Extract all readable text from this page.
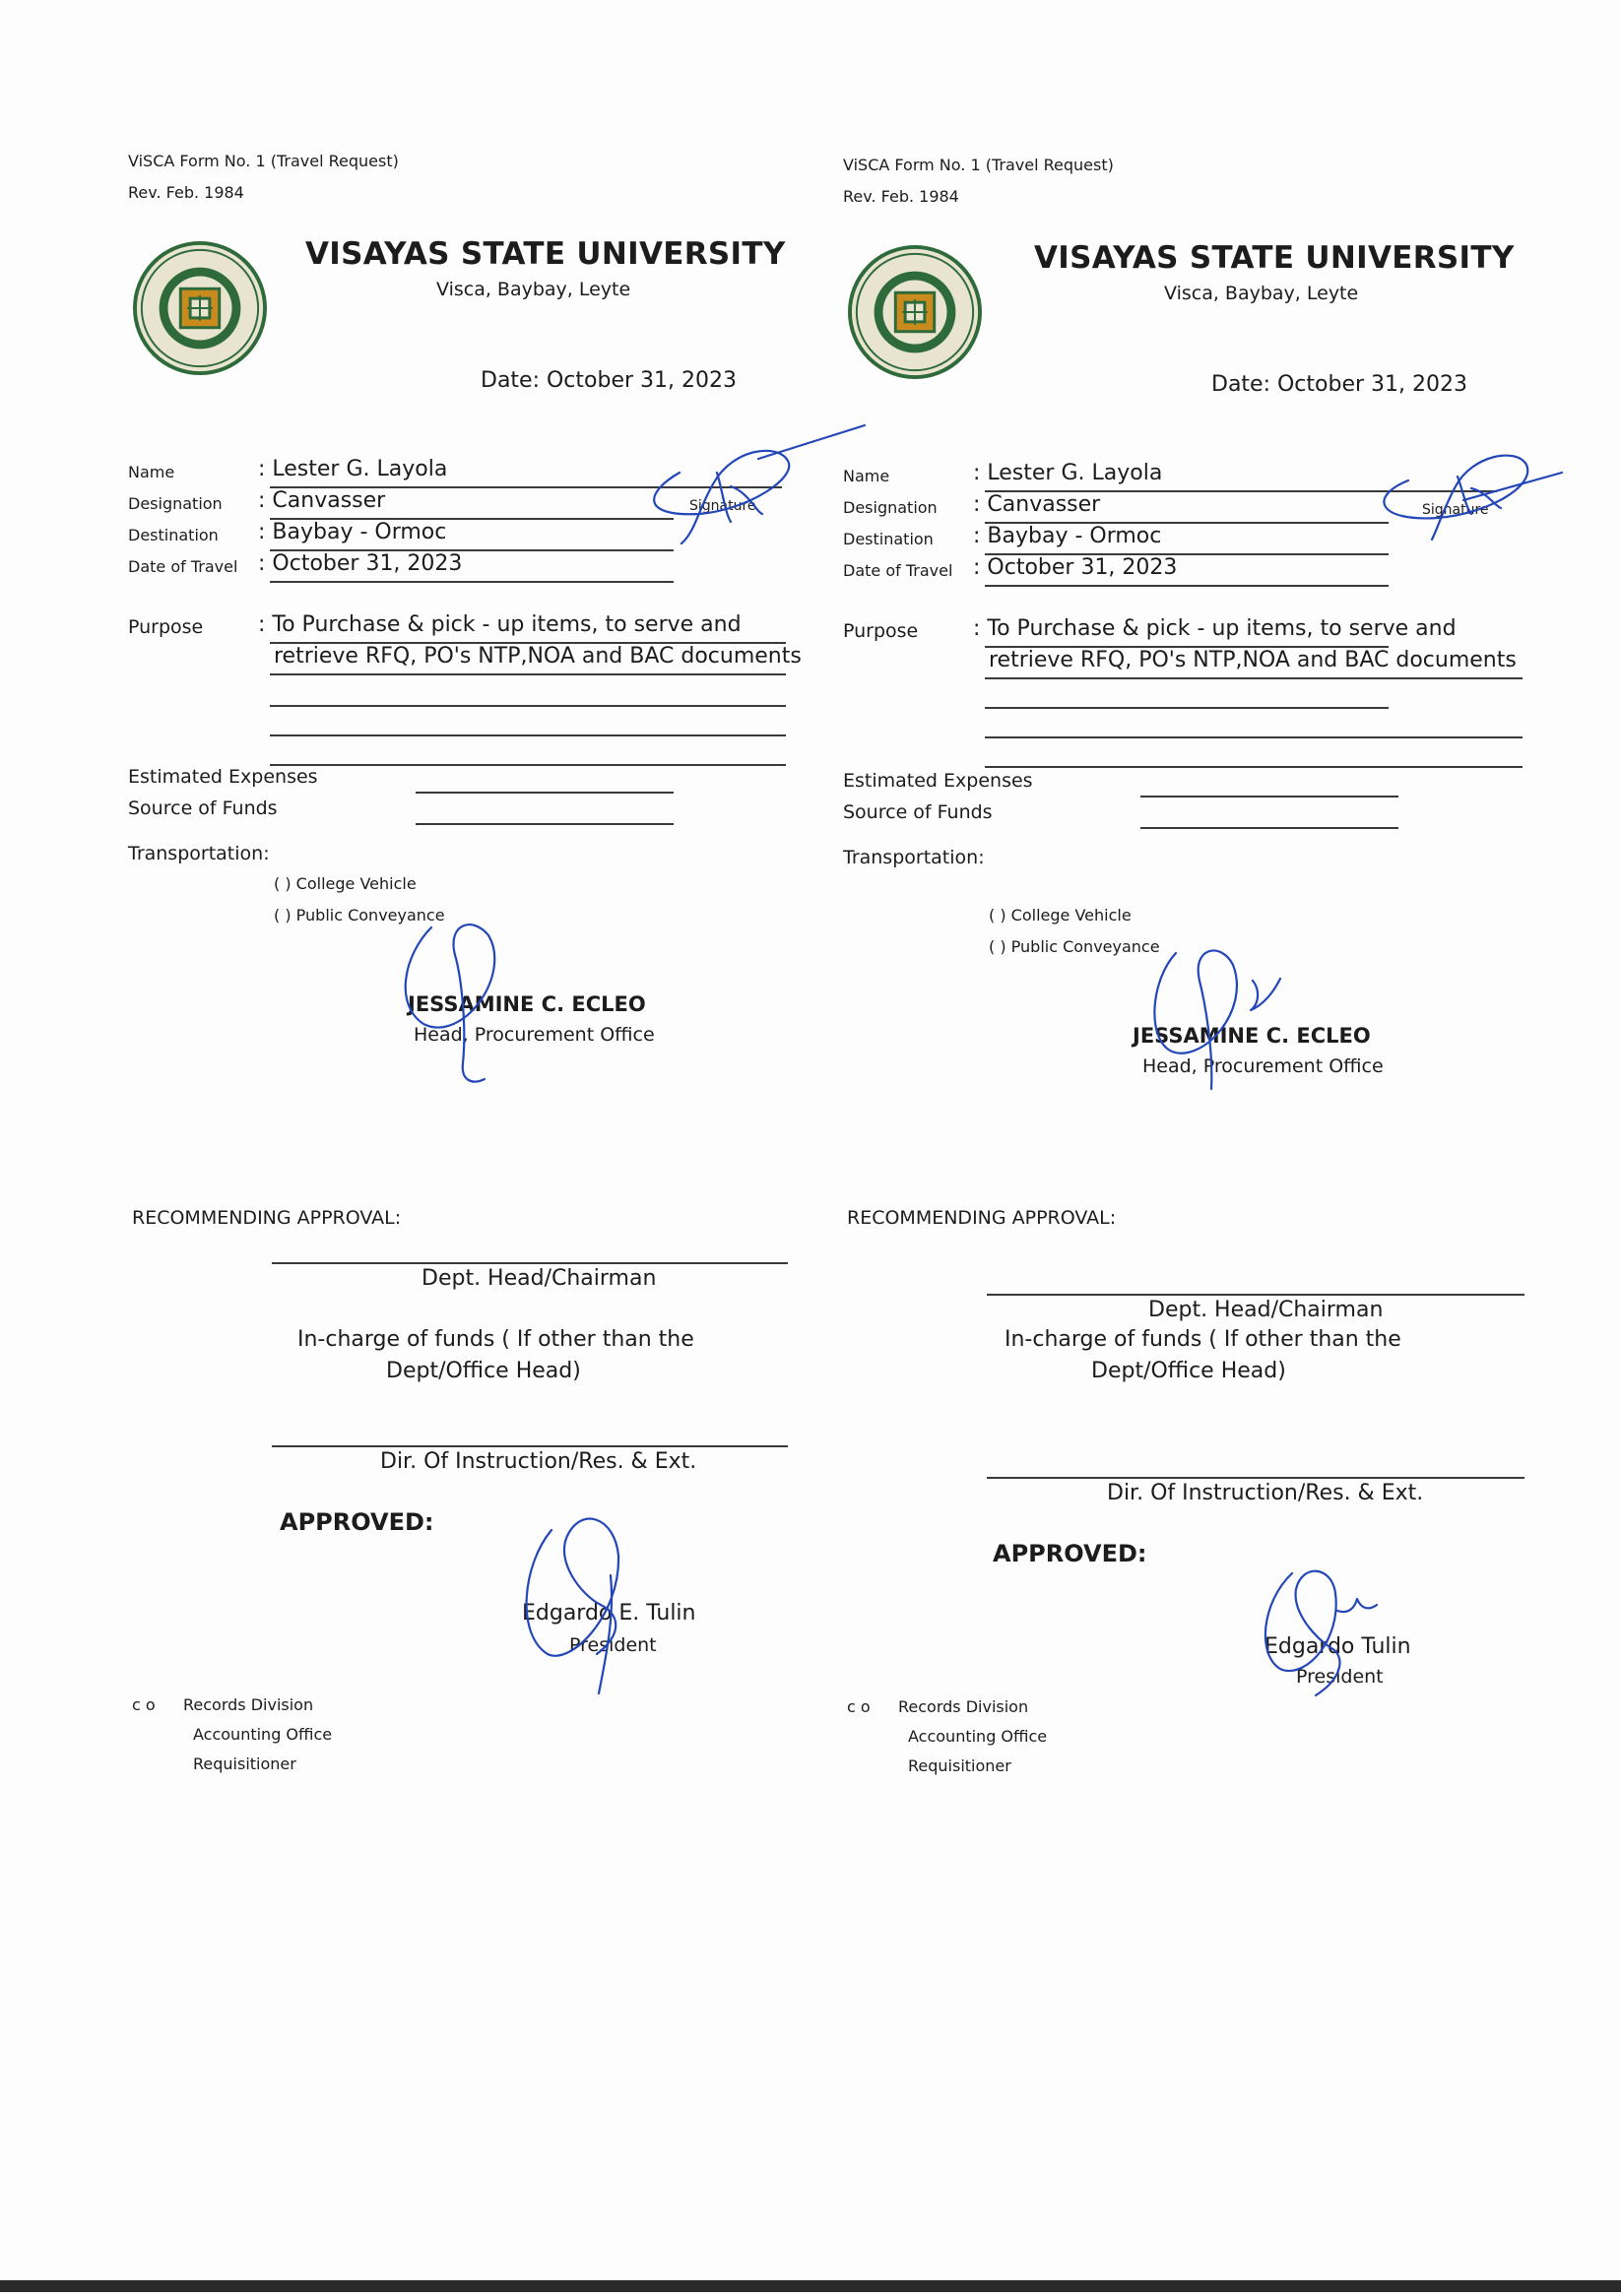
ViSCA Form No. 1 (Travel Request)
Rev. Feb. 1984
VISAYAS STATE UNIVERSITY
Visca, Baybay, Leyte
Date: October 31, 2023
Name	: Lester G. Layola
Designation : Canvasser	Signature
Destination : Baybay - Ormoc
Date of Travel : October 31, 2023
Purpose	: To Purchase & pick - up items, to serve and
retrieve RFQ, PO's NTP,NOA and BAC documents
Estimated Expenses
Source of Funds
Transportation:
( ) College Vehicle
( ) Public Conveyance
JESSAMINE C. ECLEO
Head, Procurement Office
RECOMMENDING APPROVAL:
Dept. Head/Chairman
In-charge of funds ( If other than the
Dept/Office Head)
Dir. Of Instruction/Res. & Ext.
APPROVED:
Edgardo E. Tulin
President
c o Records Division
Accounting Office
Requisitioner
ViSCA Form No. 1 (Travel Request)
Rev. Feb. 1984
VISAYAS STATE UNIVERSITY
Visca, Baybay, Leyte
Date: October 31, 2023
Name	: Lester G. Layola
Designation : Canvasser	Signature
Destination : Baybay - Ormoc
Date of Travel : October 31, 2023
Purpose	: To Purchase & pick - up items, to serve and
retrieve RFQ, PO's NTP,NOA and BAC documents
Estimated Expenses
Source of Funds
Transportation:
( ) College Vehicle
( ) Public Conveyance
JESSAMINE C. ECLEO
Head, Procurement Office
RECOMMENDING APPROVAL:
Dept. Head/Chairman
In-charge of funds ( If other than the
Dept/Office Head)
Dir. Of Instruction/Res. & Ext.
APPROVED:
Edgardo Tulin
President
c o Records Division
Accounting Office
Requisitioner
